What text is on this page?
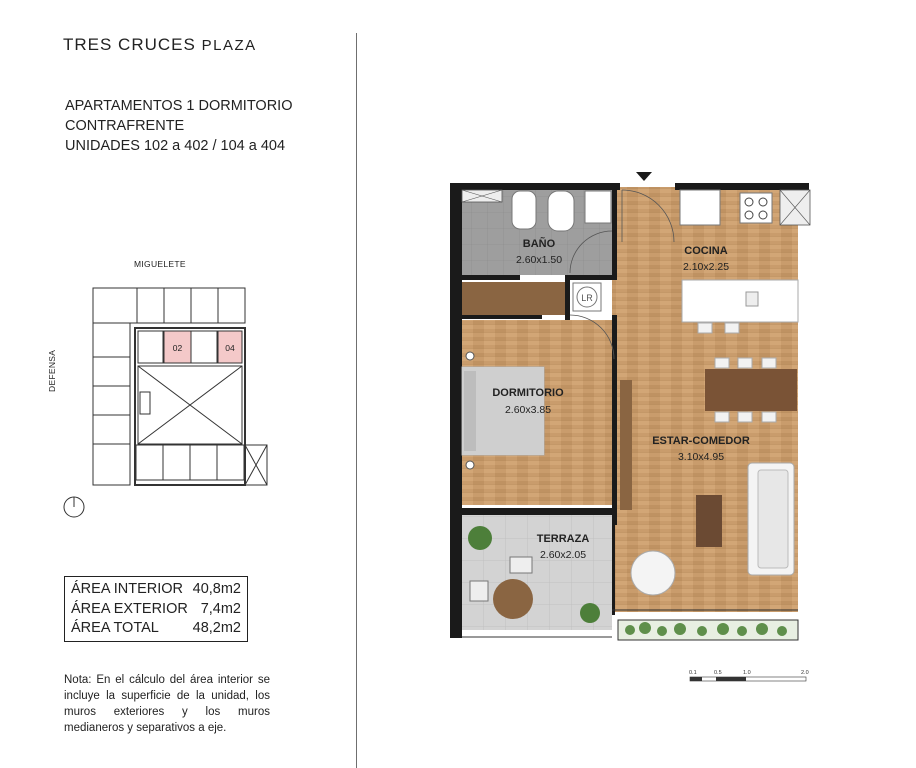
TRES CRUCES PLAZA
APARTAMENTOS 1 DORMITORIO
CONTRAFRENTE
UNIDADES 102 a 402 / 104 a 404
MIGUELETE
DEFENSA
02	04
ÁREA INTERIOR 40,8m2
ÁREA EXTERIOR 7,4m2
ÁREA TOTAL 48,2m2
Nota: En el cálculo del área interior se incluye la superficie de la unidad, los muros exteriores y los muros medianeros y separativos a eje.
BAÑO
2.60x1.50
COCINA
2.10x2.25
DORMITORIO
2.60x3.85
ESTAR-COMEDOR
3.10x4.95
TERRAZA
2.60x2.05
LR
0.1	0.5	1.0	2.0
